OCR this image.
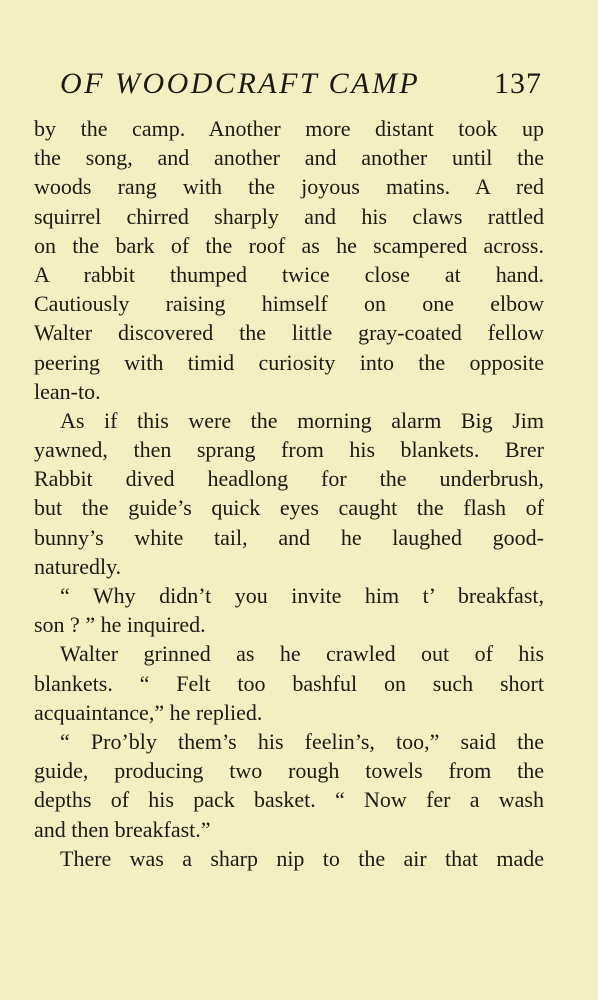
OF WOODCRAFT CAMP 137
by the camp. Another more distant took up
the song, and another and another until the
woods rang with the joyous matins. A red
squirrel chirred sharply and his claws rattled
on the bark of the roof as he scampered across.
A rabbit thumped twice close at hand.
Cautiously raising himself on one elbow
Walter discovered the little gray-coated fellow
peering with timid curiosity into the opposite
lean-to.
As if this were the morning alarm Big Jim
yawned, then sprang from his blankets. Brer
Rabbit dived headlong for the underbrush,
but the guide’s quick eyes caught the flash of
bunny’s white tail, and he laughed good-
naturedly.
“ Why didn’t you invite him t’ breakfast,
son ? ” he inquired.
Walter grinned as he crawled out of his
blankets. “ Felt too bashful on such short
acquaintance,” he replied.
“ Pro’bly them’s his feelin’s, too,” said the
guide, producing two rough towels from the
depths of his pack basket. “ Now fer a wash
and then breakfast.”
There was a sharp nip to the air that made
